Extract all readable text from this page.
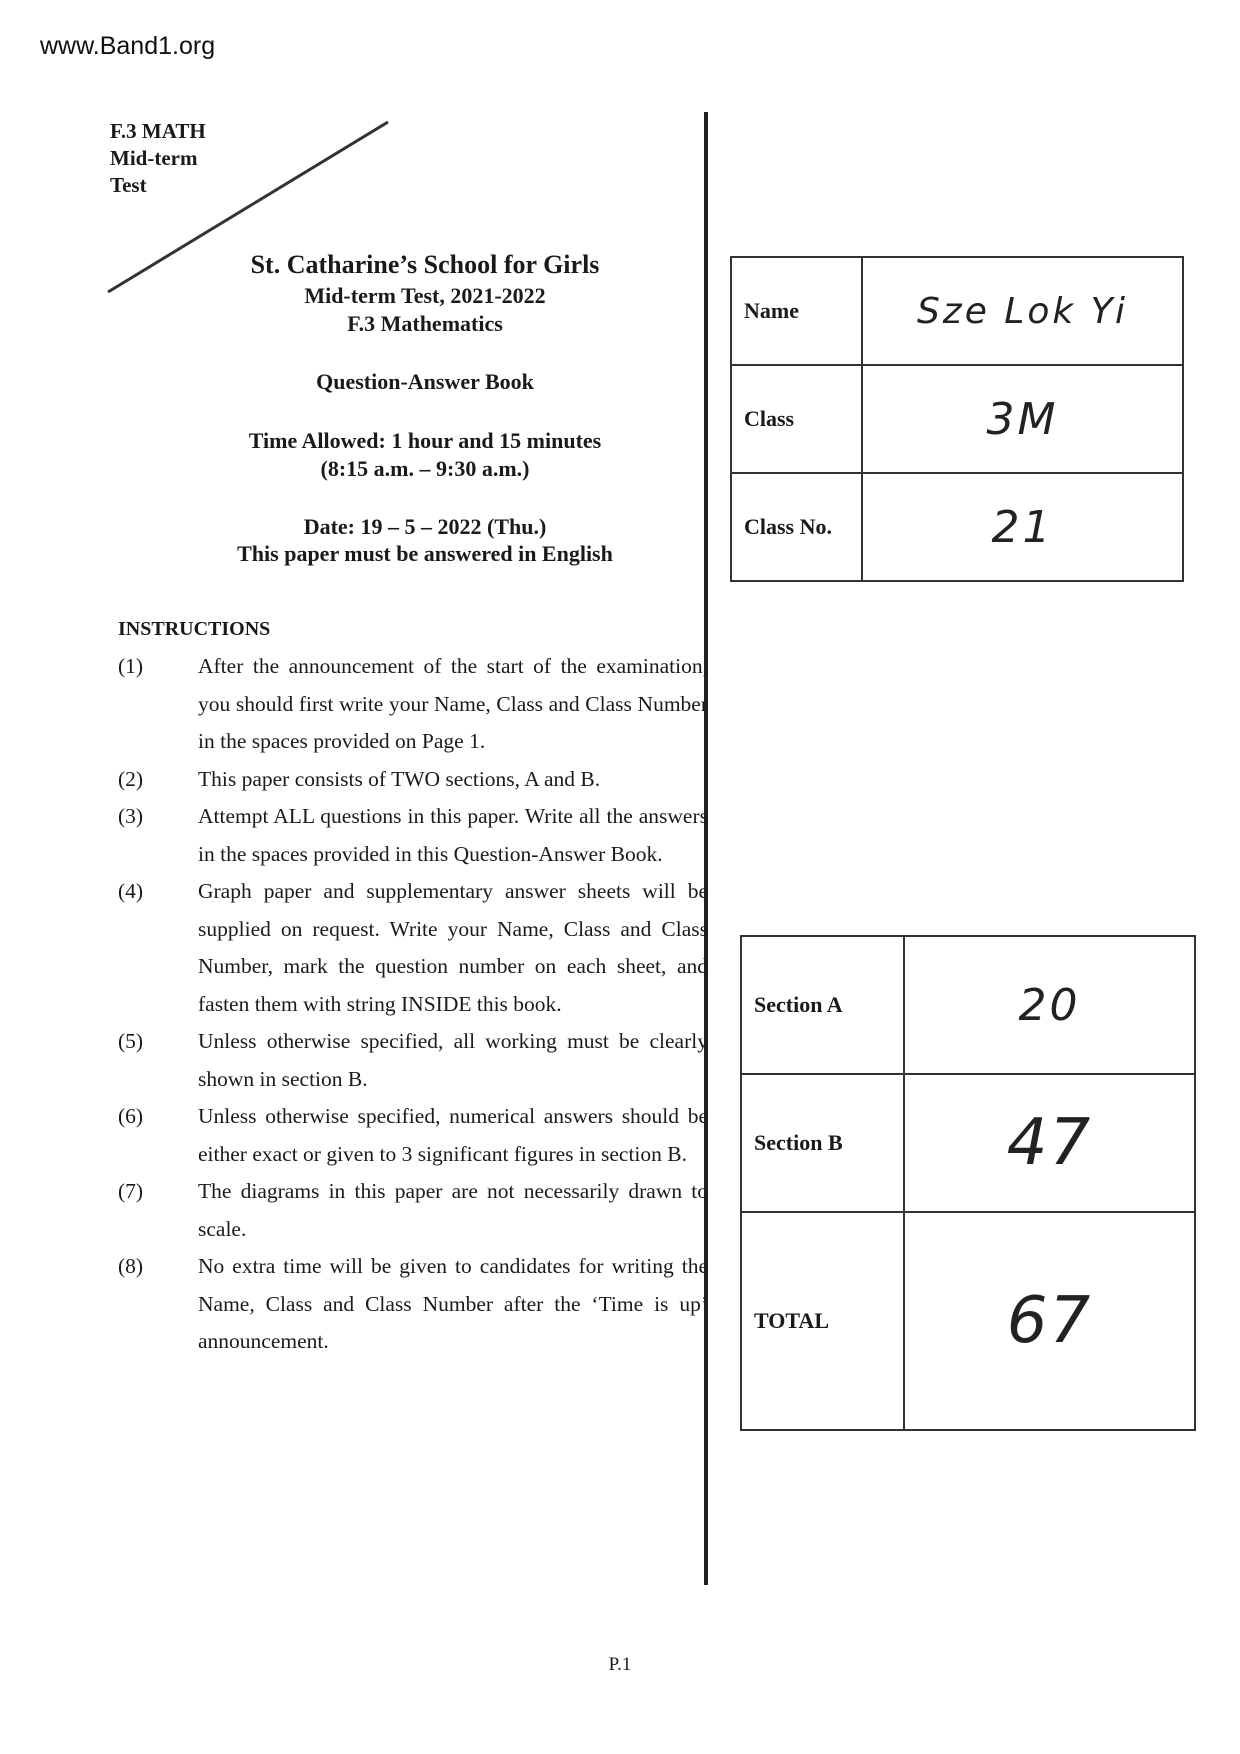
www.Band1.org
F.3 MATH
Mid-term
Test
St. Catharine’s School for Girls
Mid-term Test, 2021-2022
F.3 Mathematics
Question-Answer Book
Time Allowed: 1 hour and 15 minutes
(8:15 a.m. – 9:30 a.m.)
Date: 19 – 5 – 2022 (Thu.)
This paper must be answered in English
INSTRUCTIONS
(1)	After the announcement of the start of the examination, you should first write your Name, Class and Class Number in the spaces provided on Page 1.
(2)	This paper consists of TWO sections, A and B.
(3)	Attempt ALL questions in this paper. Write all the answers in the spaces provided in this Question-Answer Book.
(4)	Graph paper and supplementary answer sheets will be supplied on request. Write your Name, Class and Class Number, mark the question number on each sheet, and fasten them with string INSIDE this book.
(5)	Unless otherwise specified, all working must be clearly shown in section B.
(6)	Unless otherwise specified, numerical answers should be either exact or given to 3 significant figures in section B.
(7)	The diagrams in this paper are not necessarily drawn to scale.
(8)	No extra time will be given to candidates for writing the Name, Class and Class Number after the ‘Time is up’ announcement.
Name	Sze Lok Yi
Class	3M
Class No.	21
Section A	20
Section B	47
TOTAL	67
P.1
